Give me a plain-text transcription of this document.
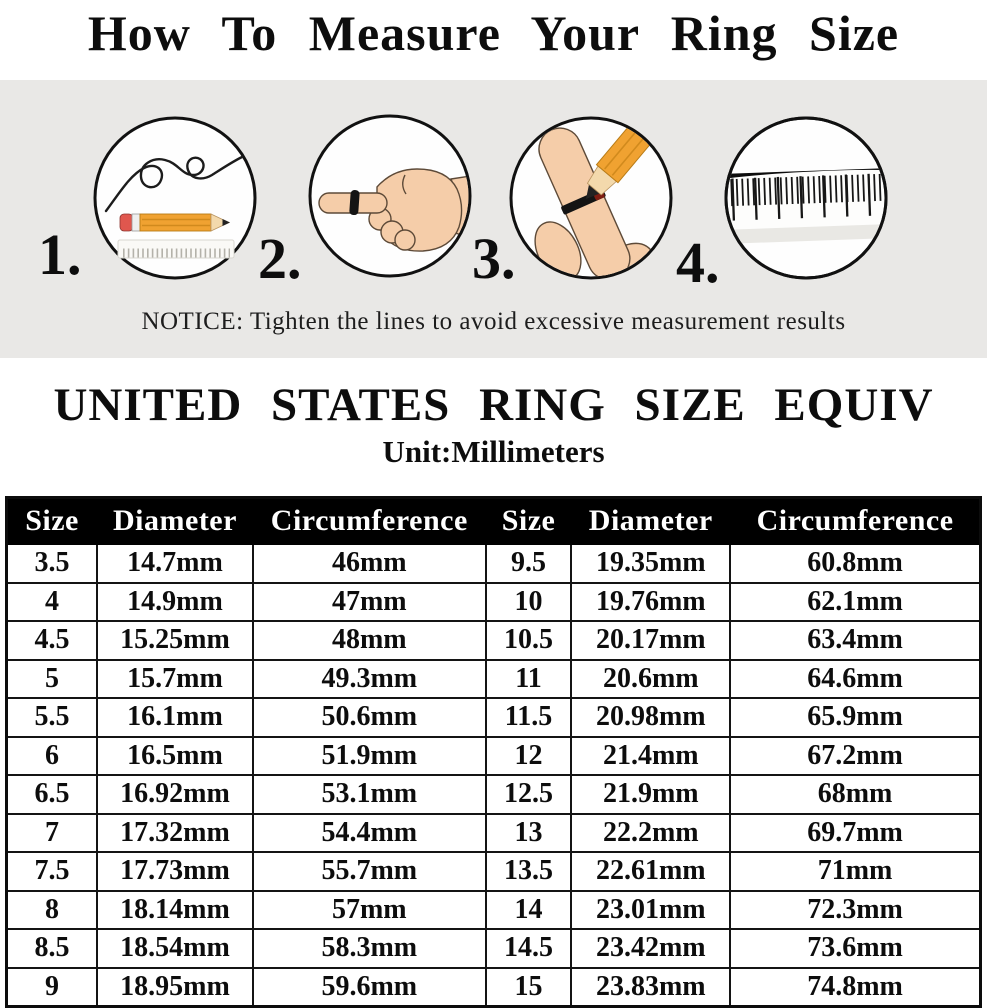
How To Measure Your Ring Size
1.	2.	3.	4.
NOTICE: Tighten the lines to avoid excessive measurement results
UNITED STATES RING SIZE EQUIV
Unit:Millimeters
Size	Diameter	Circumference	Size	Diameter	Circumference
3.5	14.7mm	46mm	9.5	19.35mm	60.8mm
4	14.9mm	47mm	10	19.76mm	62.1mm
4.5	15.25mm	48mm	10.5	20.17mm	63.4mm
5	15.7mm	49.3mm	11	20.6mm	64.6mm
5.5	16.1mm	50.6mm	11.5	20.98mm	65.9mm
6	16.5mm	51.9mm	12	21.4mm	67.2mm
6.5	16.92mm	53.1mm	12.5	21.9mm	68mm
7	17.32mm	54.4mm	13	22.2mm	69.7mm
7.5	17.73mm	55.7mm	13.5	22.61mm	71mm
8	18.14mm	57mm	14	23.01mm	72.3mm
8.5	18.54mm	58.3mm	14.5	23.42mm	73.6mm
9	18.95mm	59.6mm	15	23.83mm	74.8mm
